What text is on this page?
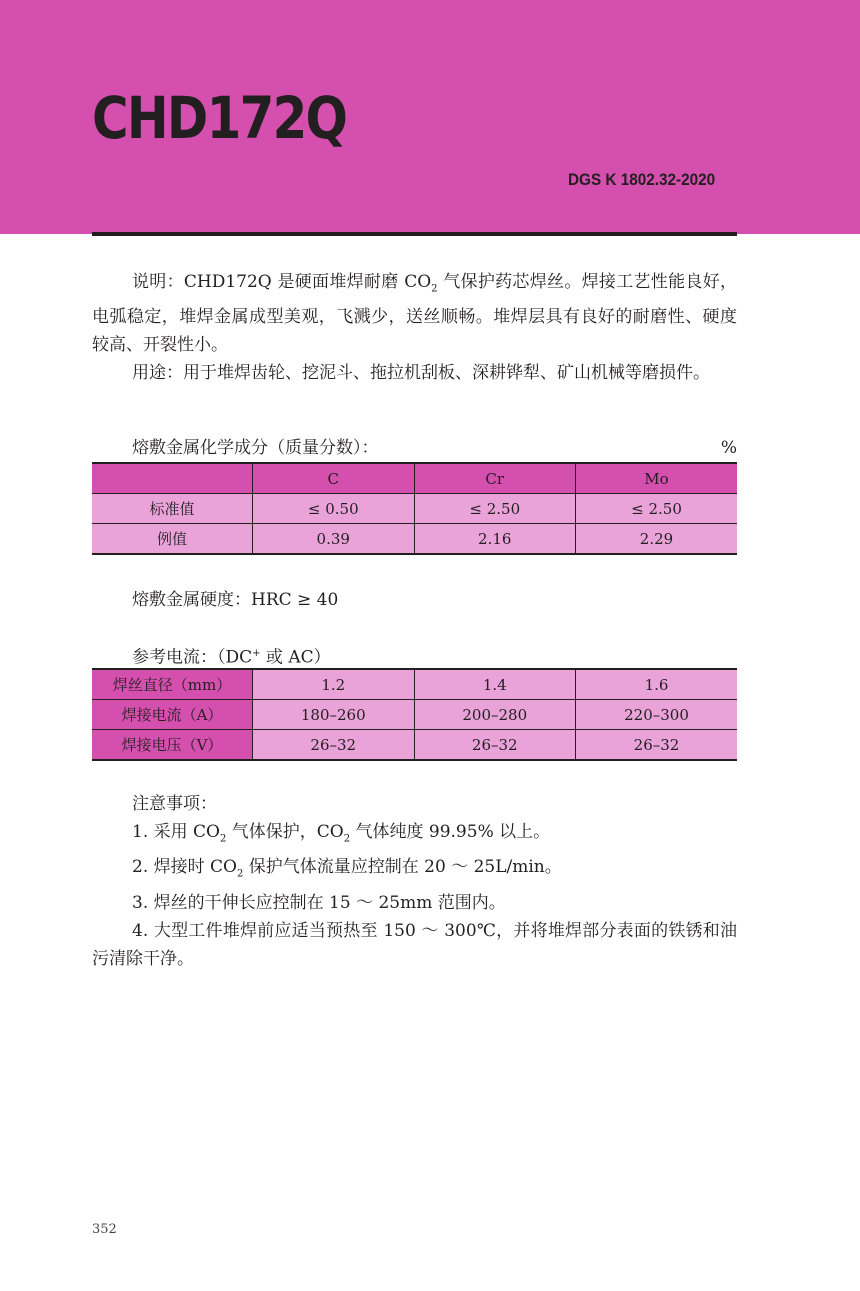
CHD172Q
DGS K 1802.32-2020

说明：CHD172Q 是硬面堆焊耐磨 $CO_2$ 气保护药芯焊丝。焊接工艺性能良好，电弧稳定，堆焊金属成型美观，飞溅少，送丝顺畅。堆焊层具有良好的耐磨性、硬度较高、开裂性小。

用途：用于堆焊齿轮、挖泥斗、拖拉机刮板、深耕铧犁、矿山机械等磨损件。

熔敷金属化学成分（质量分数）：	%
	C	Cr	Mo
标准值	≤ 0.50	≤ 2.50	≤ 2.50
例值	0.39	2.16	2.29
熔敷金属硬度：HRC ≥ 40
参考电流：（DC+ 或 AC）
焊丝直径（mm）	1.2	1.4	1.6
焊接电流（A）	180–260	200–280	220–300
焊接电压（V）	26–32	26–32	26–32

注意事项：

1. 采用 $CO_2$ 气体保护，$CO_2$ 气体纯度 99.95% 以上。

2. 焊接时 $CO_2$ 保护气体流量应控制在 20 ～ 25L/min。

3. 焊丝的干伸长应控制在 15 ～ 25mm 范围内。

4. 大型工件堆焊前应适当预热至 150 ～ 300℃，并将堆焊部分表面的铁锈和油污清除干净。

352
